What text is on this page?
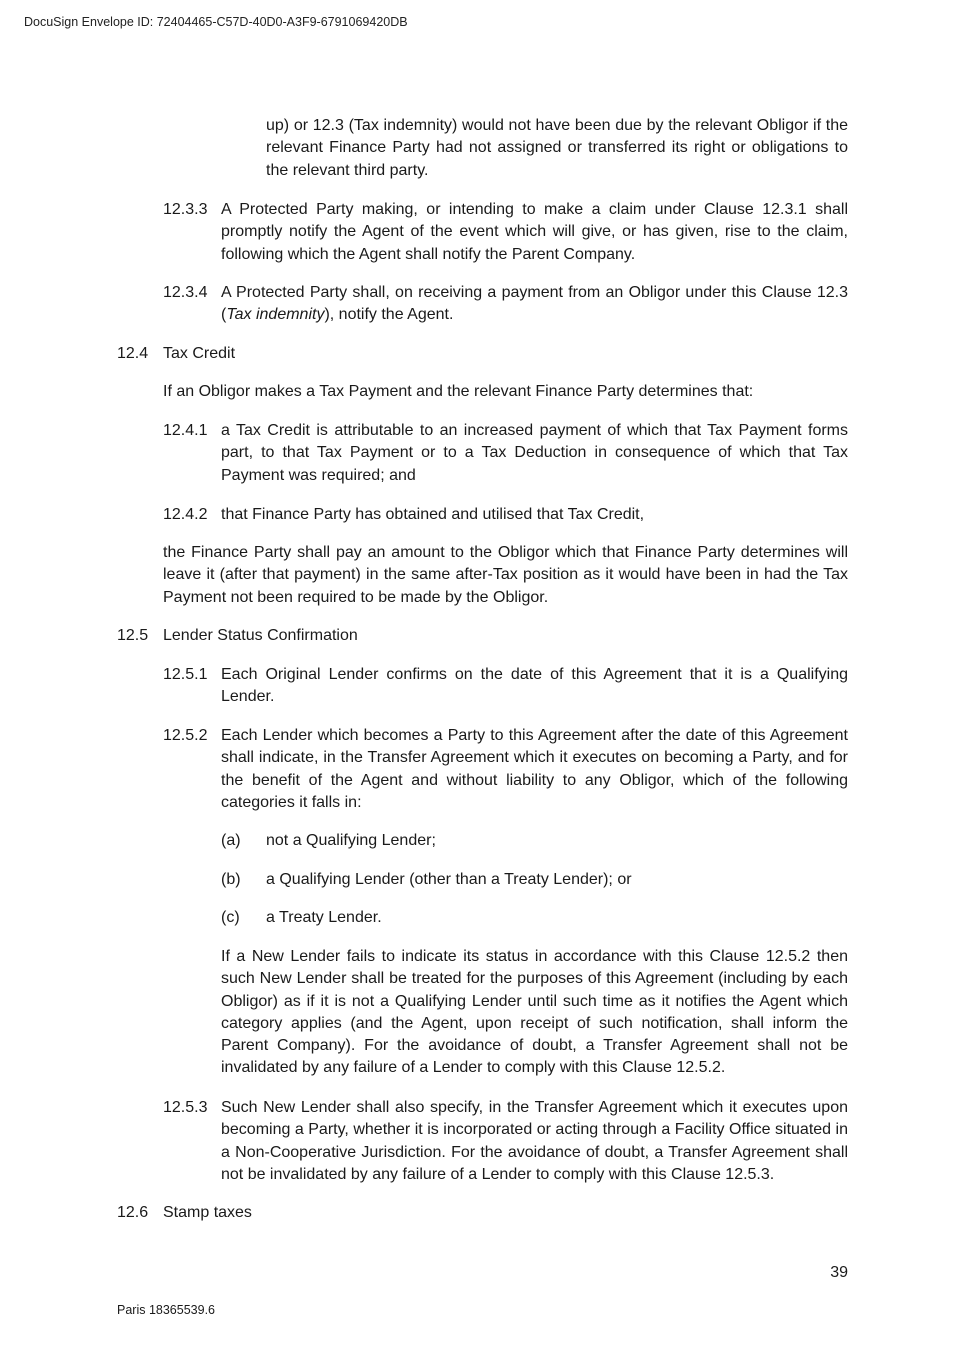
DocuSign Envelope ID: 72404465-C57D-40D0-A3F9-6791069420DB

up) or 12.3 (Tax indemnity) would not have been due by the relevant Obligor if the relevant Finance Party had not assigned or transferred its right or obligations to the relevant third party.

12.3.3 A Protected Party making, or intending to make a claim under Clause 12.3.1 shall promptly notify the Agent of the event which will give, or has given, rise to the claim, following which the Agent shall notify the Parent Company.

12.3.4 A Protected Party shall, on receiving a payment from an Obligor under this Clause 12.3 (Tax indemnity), notify the Agent.

12.4 Tax Credit

If an Obligor makes a Tax Payment and the relevant Finance Party determines that:

12.4.1 a Tax Credit is attributable to an increased payment of which that Tax Payment forms part, to that Tax Payment or to a Tax Deduction in consequence of which that Tax Payment was required; and

12.4.2 that Finance Party has obtained and utilised that Tax Credit,

the Finance Party shall pay an amount to the Obligor which that Finance Party determines will leave it (after that payment) in the same after-Tax position as it would have been in had the Tax Payment not been required to be made by the Obligor.

12.5 Lender Status Confirmation
12.5.1 Each Original Lender confirms on the date of this Agreement that it is a Qualifying Lender.

12.5.2 Each Lender which becomes a Party to this Agreement after the date of this Agreement shall indicate, in the Transfer Agreement which it executes on becoming a Party, and for the benefit of the Agent and without liability to any Obligor, which of the following categories it falls in:

(a) not a Qualifying Lender;

(b) a Qualifying Lender (other than a Treaty Lender); or

(c) a Treaty Lender.

If a New Lender fails to indicate its status in accordance with this Clause 12.5.2 then such New Lender shall be treated for the purposes of this Agreement (including by each Obligor) as if it is not a Qualifying Lender until such time as it notifies the Agent which category applies (and the Agent, upon receipt of such notification, shall inform the Parent Company). For the avoidance of doubt, a Transfer Agreement shall not be invalidated by any failure of a Lender to comply with this Clause 12.5.2.

12.5.3 Such New Lender shall also specify, in the Transfer Agreement which it executes upon becoming a Party, whether it is incorporated or acting through a Facility Office situated in a Non-Cooperative Jurisdiction. For the avoidance of doubt, a Transfer Agreement shall not be invalidated by any failure of a Lender to comply with this Clause 12.5.3.

12.6 Stamp taxes
39
Paris 18365539.6
